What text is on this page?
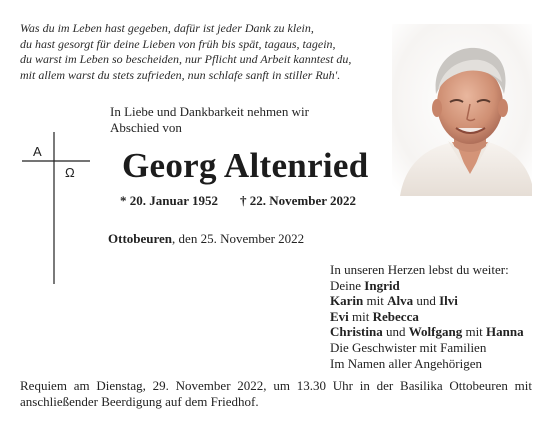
Was du im Leben hast gegeben, dafür ist jeder Dank zu klein,
du hast gesorgt für deine Lieben von früh bis spät, tagaus, tagein,
du warst im Leben so bescheiden, nur Pflicht und Arbeit kanntest du,
mit allem warst du stets zufrieden, nun schlafe sanft in stiller Ruh'.
A
Ω
In Liebe und Dankbarkeit nehmen wir
Abschied von
Georg Altenried
* 20. Januar 1952 † 22. November 2022
Ottobeuren, den 25. November 2022
In unseren Herzen lebst du weiter:
Deine Ingrid
Karin mit Alva und Ilvi
Evi mit Rebecca
Christina und Wolfgang mit Hanna
Die Geschwister mit Familien
Im Namen aller Angehörigen
Requiem am Dienstag, 29. November 2022, um 13.30 Uhr in der Basilika Ottobeuren mit anschließender Beerdigung auf dem Friedhof.
